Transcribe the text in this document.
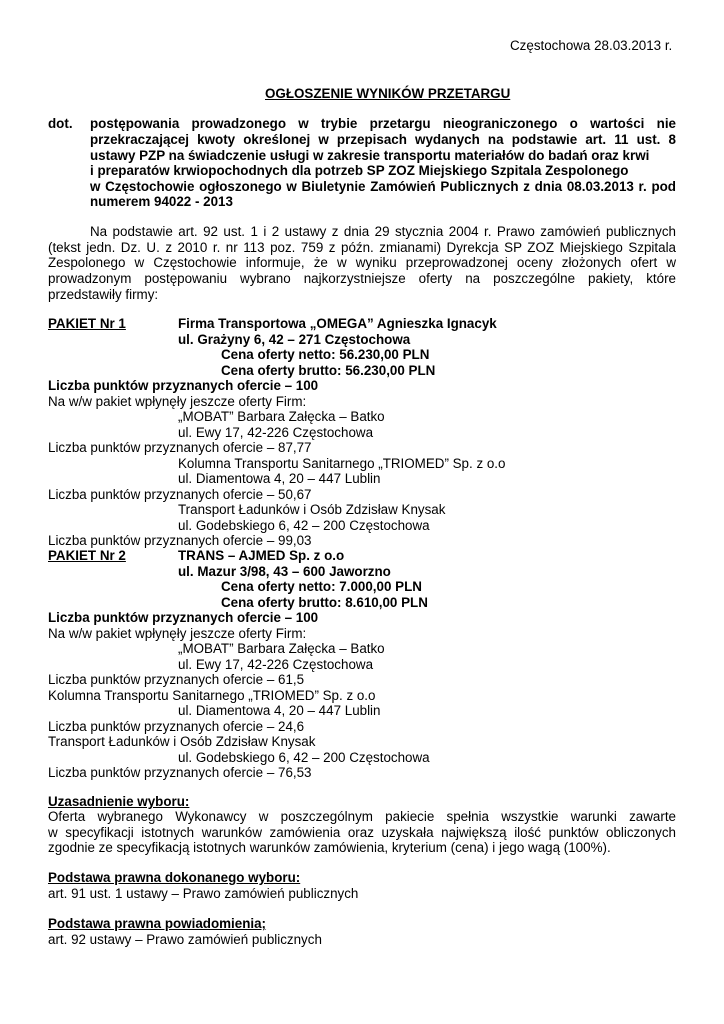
Częstochowa 28.03.2013 r.
OGŁOSZENIE WYNIKÓW PRZETARGU
dot. postępowania prowadzonego w trybie przetargu nieograniczonego o wartości nie
przekraczającej kwoty określonej w przepisach wydanych na podstawie art. 11 ust. 8
ustawy PZP na świadczenie usługi w zakresie transportu materiałów do badań oraz krwi
i preparatów krwiopochodnych dla potrzeb SP ZOZ Miejskiego Szpitala Zespolonego
w Częstochowie ogłoszonego w Biuletynie Zamówień Publicznych z dnia 08.03.2013 r. pod
numerem 94022 - 2013
Na podstawie art. 92 ust. 1 i 2 ustawy z dnia 29 stycznia 2004 r. Prawo zamówień publicznych
(tekst jedn. Dz. U. z 2010 r. nr 113 poz. 759 z późn. zmianami) Dyrekcja SP ZOZ Miejskiego Szpitala
Zespolonego w Częstochowie informuje, że w wyniku przeprowadzonej oceny złożonych ofert w
prowadzonym postępowaniu wybrano najkorzystniejsze oferty na poszczególne pakiety, które
przedstawiły firmy:
PAKIET Nr 1	Firma Transportowa „OMEGA” Agnieszka Ignacyk
ul. Grażyny 6, 42 – 271 Częstochowa
Cena oferty netto: 56.230,00 PLN
Cena oferty brutto: 56.230,00 PLN
Liczba punktów przyznanych ofercie – 100
Na w/w pakiet wpłynęły jeszcze oferty Firm:
„MOBAT” Barbara Załęcka – Batko
ul. Ewy 17, 42-226 Częstochowa
Liczba punktów przyznanych ofercie – 87,77
Kolumna Transportu Sanitarnego „TRIOMED” Sp. z o.o
ul. Diamentowa 4, 20 – 447 Lublin
Liczba punktów przyznanych ofercie – 50,67
Transport Ładunków i Osób Zdzisław Knysak
ul. Godebskiego 6, 42 – 200 Częstochowa
Liczba punktów przyznanych ofercie – 99,03
PAKIET Nr 2	TRANS – AJMED Sp. z o.o
ul. Mazur 3/98, 43 – 600 Jaworzno
Cena oferty netto: 7.000,00 PLN
Cena oferty brutto: 8.610,00 PLN
Liczba punktów przyznanych ofercie – 100
Na w/w pakiet wpłynęły jeszcze oferty Firm:
„MOBAT” Barbara Załęcka – Batko
ul. Ewy 17, 42-226 Częstochowa
Liczba punktów przyznanych ofercie – 61,5
Kolumna Transportu Sanitarnego „TRIOMED” Sp. z o.o
ul. Diamentowa 4, 20 – 447 Lublin
Liczba punktów przyznanych ofercie – 24,6
Transport Ładunków i Osób Zdzisław Knysak
ul. Godebskiego 6, 42 – 200 Częstochowa
Liczba punktów przyznanych ofercie – 76,53
Uzasadnienie wyboru:
Oferta wybranego Wykonawcy w poszczególnym pakiecie spełnia wszystkie warunki zawarte
w specyfikacji istotnych warunków zamówienia oraz uzyskała największą ilość punktów obliczonych
zgodnie ze specyfikacją istotnych warunków zamówienia, kryterium (cena) i jego wagą (100%).
Podstawa prawna dokonanego wyboru:
art. 91 ust. 1 ustawy – Prawo zamówień publicznych
Podstawa prawna powiadomienia;
art. 92 ustawy – Prawo zamówień publicznych
